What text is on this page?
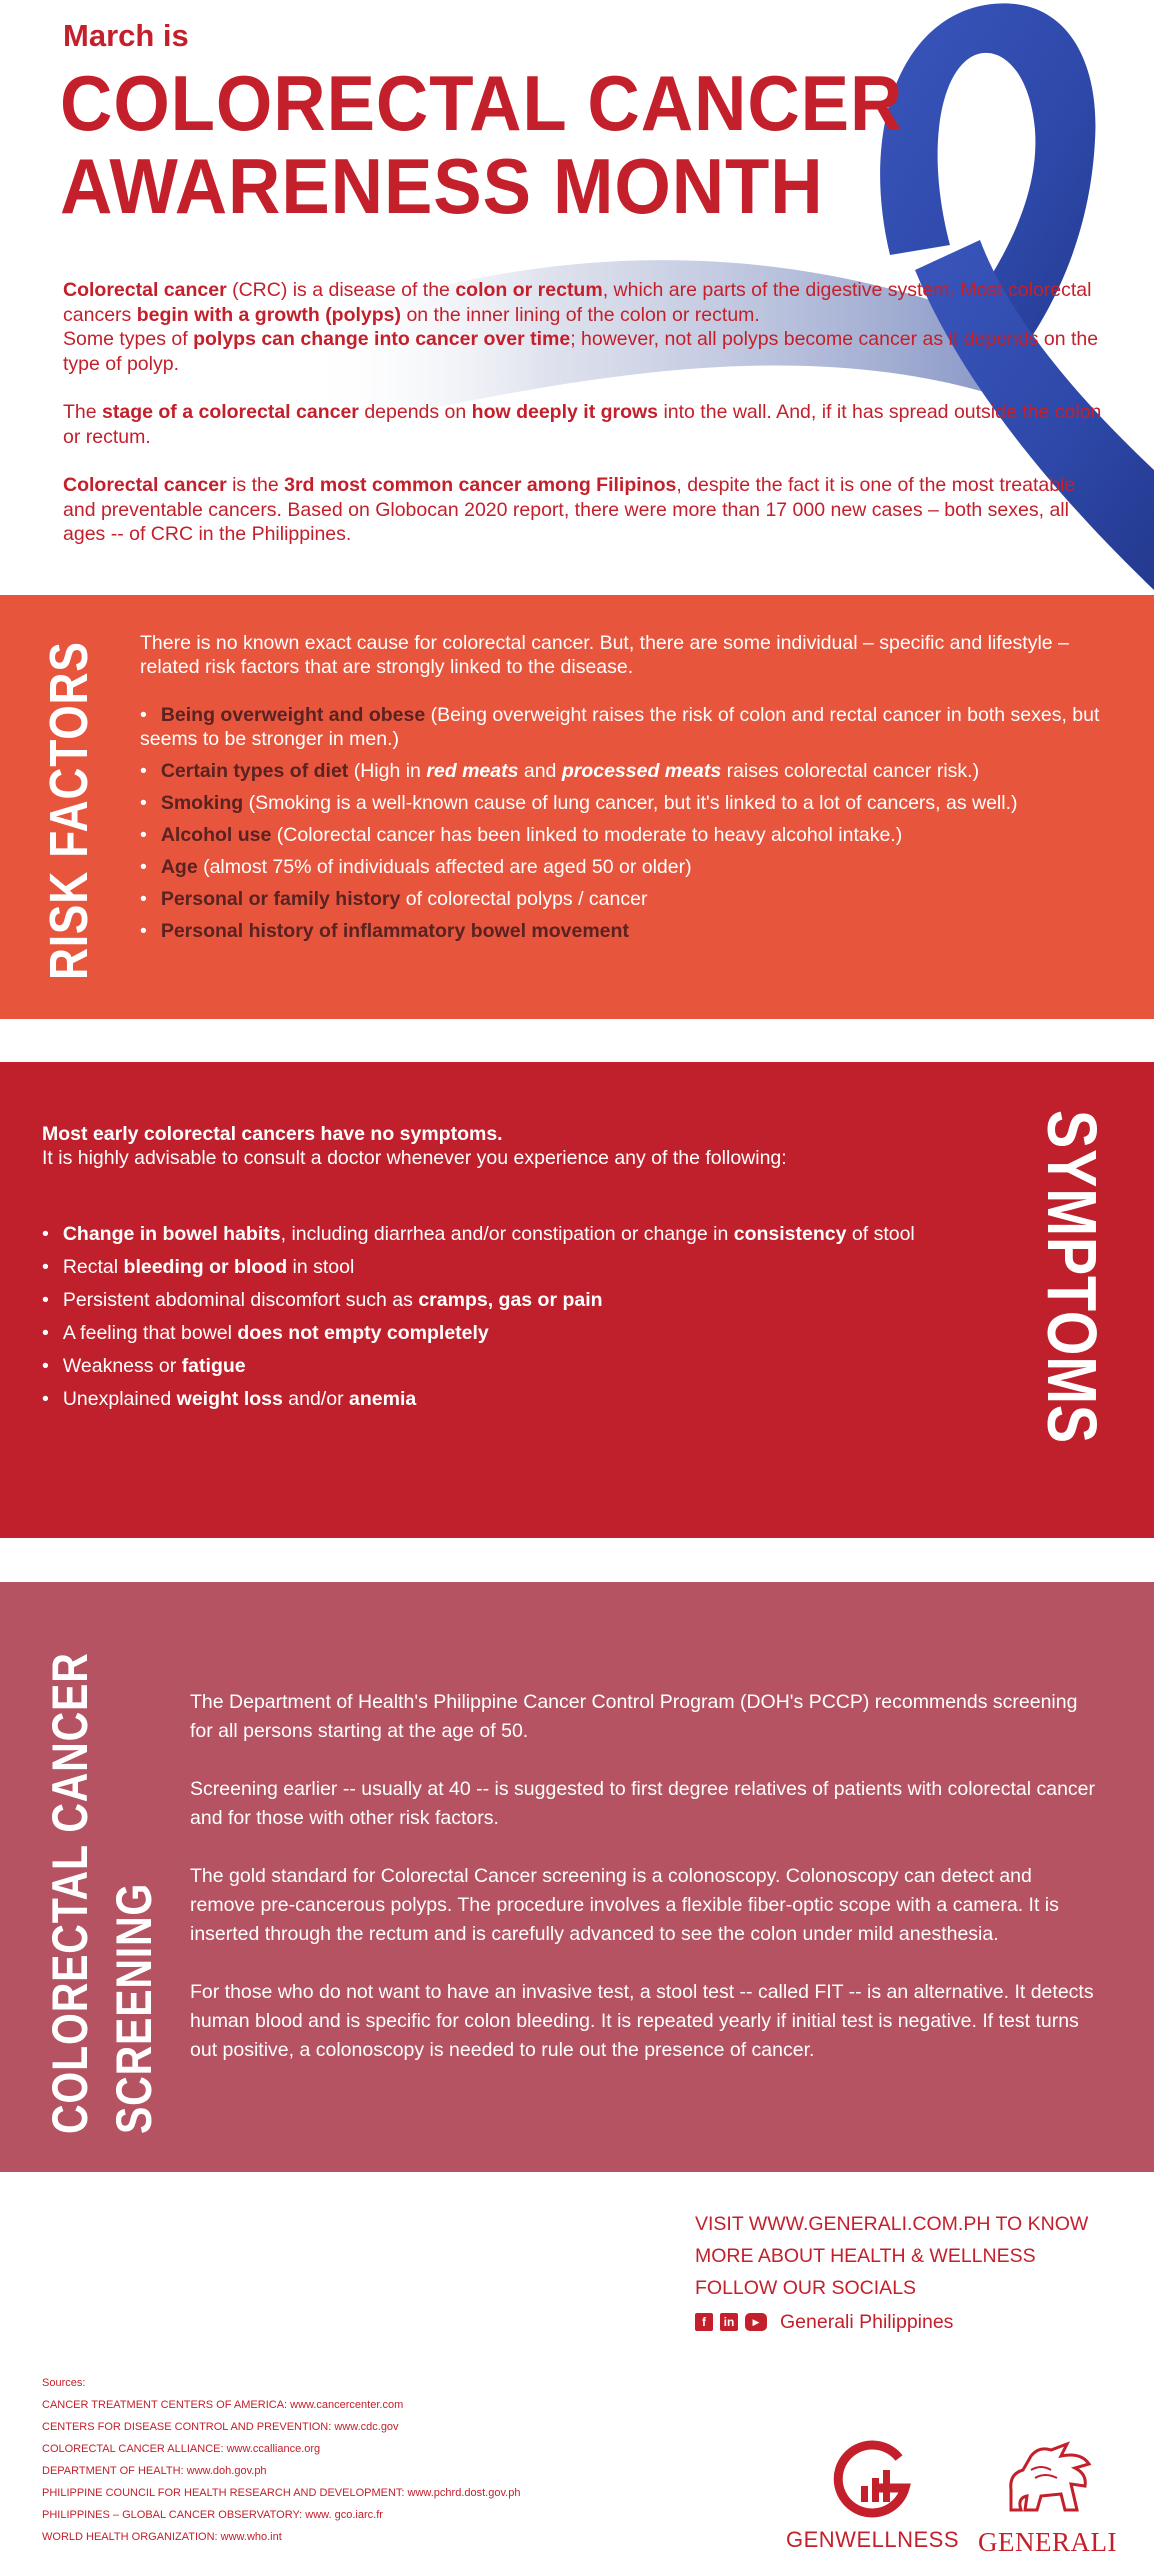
March is
COLORECTAL CANCER
AWARENESS MONTH

Colorectal cancer (CRC) is a disease of the colon or rectum, which are parts of the digestive system. Most colorectal cancers begin with a growth (polyps) on the inner lining of the colon or rectum.
Some types of polyps can change into cancer over time; however, not all polyps become cancer as it depends on the type of polyp.

The stage of a colorectal cancer depends on how deeply it grows into the wall. And, if it has spread outside the colon or rectum.

Colorectal cancer is the 3rd most common cancer among Filipinos, despite the fact it is one of the most treatable and preventable cancers. Based on Globocan 2020 report, there were more than 17 000 new cases – both sexes, all ages -- of CRC in the Philippines.

RISK FACTORS There is no known exact cause for colorectal cancer. But, there are some individual – specific and lifestyle – related risk factors that are strongly linked to the disease.

• Being overweight and obese (Being overweight raises the risk of colon and rectal cancer in both sexes, but seems to be stronger in men.)
• Certain types of diet (High in red meats and processed meats raises colorectal cancer risk.)
• Smoking (Smoking is a well-known cause of lung cancer, but it's linked to a lot of cancers, as well.)
• Alcohol use (Colorectal cancer has been linked to moderate to heavy alcohol intake.)
• Age (almost 75% of individuals affected are aged 50 or older)
• Personal or family history of colorectal polyps / cancer
• Personal history of inflammatory bowel movement

Most early colorectal cancers have no symptoms.

It is highly advisable to consult a doctor whenever you experience any of the following:

• Change in bowel habits, including diarrhea and/or constipation or change in consistency of stool
• Rectal bleeding or blood in stool
• Persistent abdominal discomfort such as cramps, gas or pain
• A feeling that bowel does not empty completely
• Weakness or fatigue
• Unexplained weight loss and/or anemia	SYMPTOMS
COLORECTAL CANCER SCREENING

The Department of Health's Philippine Cancer Control Program (DOH's PCCP) recommends screening for all persons starting at the age of 50.

Screening earlier -- usually at 40 -- is suggested to first degree relatives of patients with colorectal cancer and for those with other risk factors.

The gold standard for Colorectal Cancer screening is a colonoscopy. Colonoscopy can detect and remove pre-cancerous polyps. The procedure involves a flexible fiber-optic scope with a camera. It is inserted through the rectum and is carefully advanced to see the colon under mild anesthesia.

For those who do not want to have an invasive test, a stool test -- called FIT -- is an alternative. It detects human blood and is specific for colon bleeding. It is repeated yearly if initial test is negative. If test turns out positive, a colonoscopy is needed to rule out the presence of cancer.

VISIT WWW.GENERALI.COM.PH TO KNOW
MORE ABOUT HEALTH & WELLNESS
FOLLOW OUR SOCIALS
f	in	▶	Generali Philippines
Sources:
CANCER TREATMENT CENTERS OF AMERICA: www.cancercenter.com
CENTERS FOR DISEASE CONTROL AND PREVENTION: www.cdc.gov
COLORECTAL CANCER ALLIANCE: www.ccalliance.org
DEPARTMENT OF HEALTH: www.doh.gov.ph
PHILIPPINE COUNCIL FOR HEALTH RESEARCH AND DEVELOPMENT: www.pchrd.dost.gov.ph
PHILIPPINES – GLOBAL CANCER OBSERVATORY: www. gco.iarc.fr
WORLD HEALTH ORGANIZATION: www.who.int	GENWELLNESS GENERALI
